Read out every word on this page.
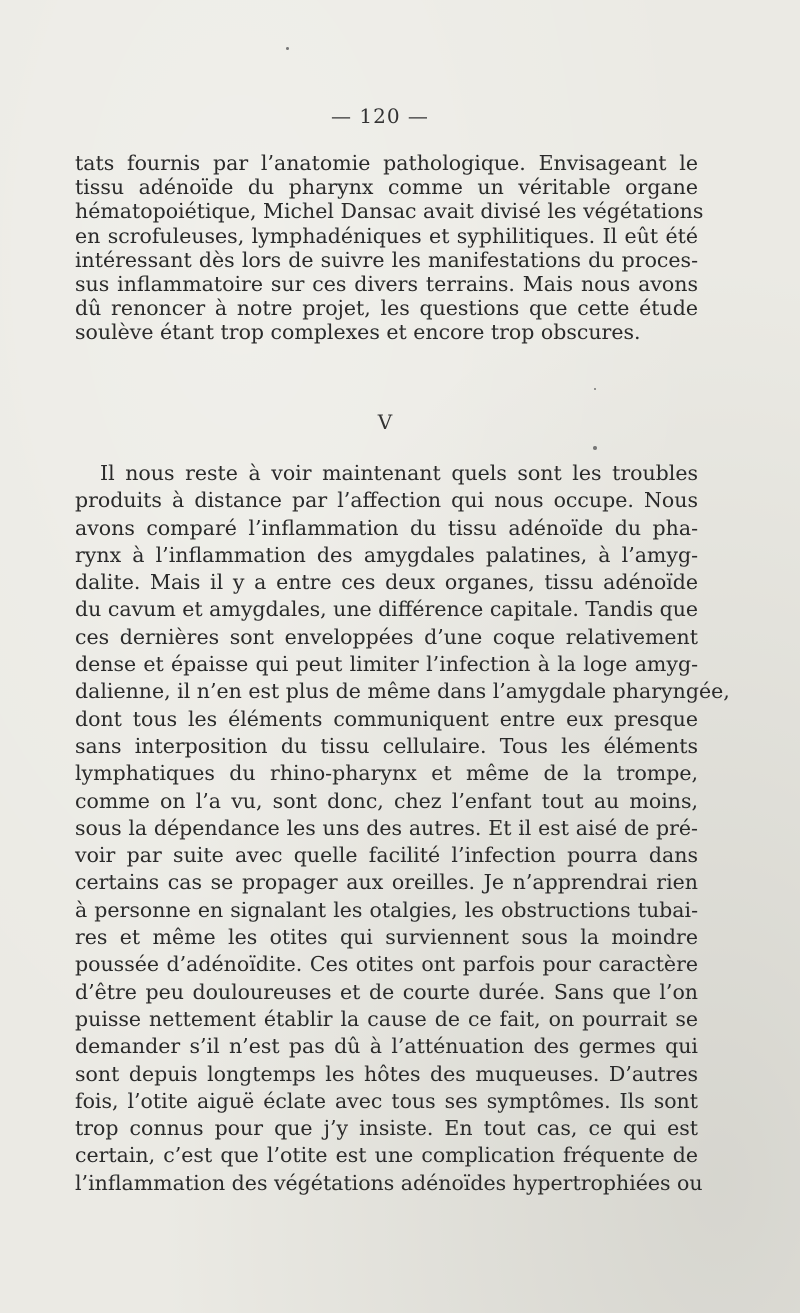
— 120 —
tats fournis par l’anatomie pathologique. Envisageant le
tissu adénoïde du pharynx comme un véritable organe
hématopoiétique, Michel Dansac avait divisé les végétations
en scrofuleuses, lymphadéniques et syphilitiques. Il eût été
intéressant dès lors de suivre les manifestations du proces-
sus inflammatoire sur ces divers terrains. Mais nous avons
dû renoncer à notre projet, les questions que cette étude
soulève étant trop complexes et encore trop obscures.
V
Il nous reste à voir maintenant quels sont les troubles
produits à distance par l’affection qui nous occupe. Nous
avons comparé l’inflammation du tissu adénoïde du pha-
rynx à l’inflammation des amygdales palatines, à l’amyg-
dalite. Mais il y a entre ces deux organes, tissu adénoïde
du cavum et amygdales, une différence capitale. Tandis que
ces dernières sont enveloppées d’une coque relativement
dense et épaisse qui peut limiter l’infection à la loge amyg-
dalienne, il n’en est plus de même dans l’amygdale pharyngée,
dont tous les éléments communiquent entre eux presque
sans interposition du tissu cellulaire. Tous les éléments
lymphatiques du rhino-pharynx et même de la trompe,
comme on l’a vu, sont donc, chez l’enfant tout au moins,
sous la dépendance les uns des autres. Et il est aisé de pré-
voir par suite avec quelle facilité l’infection pourra dans
certains cas se propager aux oreilles. Je n’apprendrai rien
à personne en signalant les otalgies, les obstructions tubai-
res et même les otites qui surviennent sous la moindre
poussée d’adénoïdite. Ces otites ont parfois pour caractère
d’être peu douloureuses et de courte durée. Sans que l’on
puisse nettement établir la cause de ce fait, on pourrait se
demander s’il n’est pas dû à l’atténuation des germes qui
sont depuis longtemps les hôtes des muqueuses. D’autres
fois, l’otite aiguë éclate avec tous ses symptômes. Ils sont
trop connus pour que j’y insiste. En tout cas, ce qui est
certain, c’est que l’otite est une complication fréquente de
l’inflammation des végétations adénoïdes hypertrophiées ou
